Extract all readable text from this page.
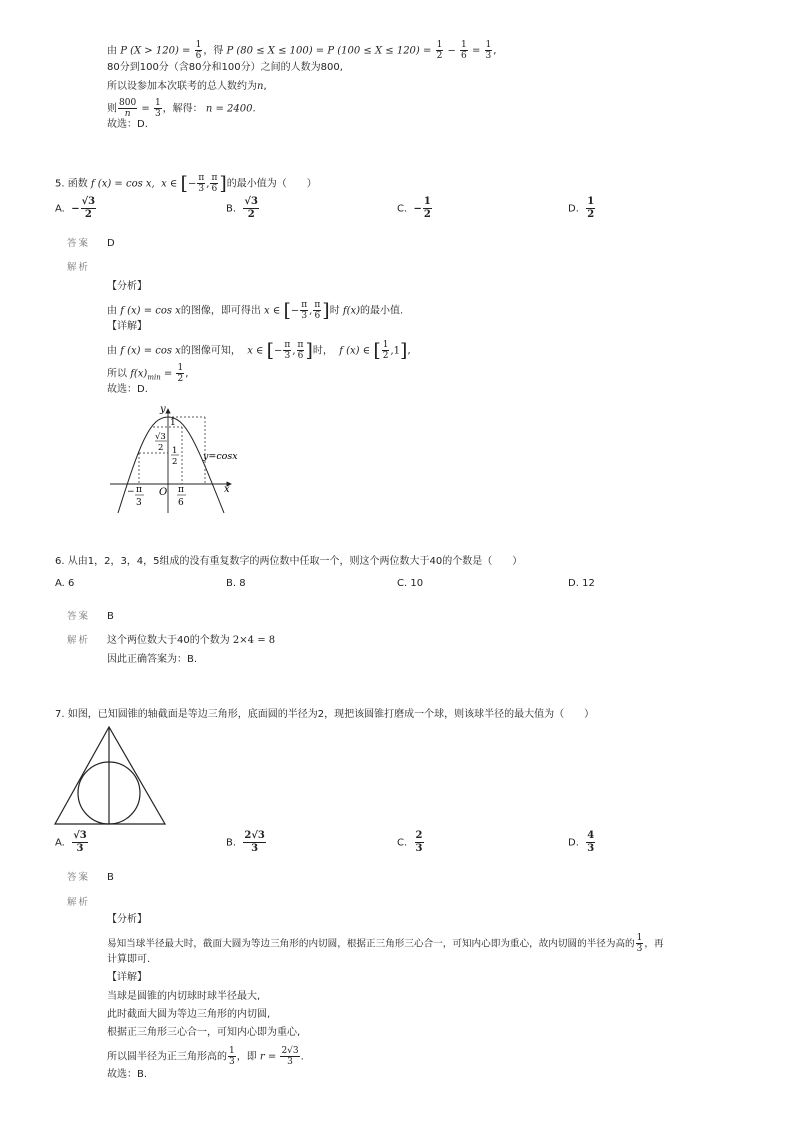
由 P $(X > 120) = \frac{1}{6}$ ，得 P (80 ≤ X ≤ 100) = P $(100 \le X \le 120) = \frac{1}{2} - \frac{1}{6} = \frac{1}{3}$ ,
80分到100分（含80分和100分）之间的人数为800,
所以设参加本次联考的总人数约为n,
则 $\frac{800}{n} = \frac{1}{3}$ ，解得： n = 2400.
故选：D.
5. 函数 f (x) = cos x, x ∈ [− $\frac{\pi}{3}$ , $\frac{\pi}{6}$ ]的最小值为（　　）
A. − $\frac{√3}{2}$	B. $\frac{√3}{2}$	C. − $\frac{1}{2}$	D. $\frac{1}{2}$
答案 D
解析
【分析】
由 f (x) = cos x的图像，即可得出 x ∈ [− $\frac{\pi}{3}$ , $\frac{\pi}{6}$ ]时 f(x)的最小值.
【详解】
由 f (x) = cos x的图像可知， x ∈ [− $\frac{\pi}{3}$ , $\frac{\pi}{6}$ ]时， f (x) ∈ [ $\frac{1}{2} ,1$],
所以 $f(x)_{min} = \frac{1}{2}$ ,
故选：D.
y
x
O
1
√3
2 1
2	y=cosx
− π
3
π
6
6. 从由1，2，3，4，5组成的没有重复数字的两位数中任取一个，则这个两位数大于40的个数是（　　）
A. 6	B. 8	C. 10	D. 12
答案 B
解析 这个两位数大于40的个数为 2×4 = 8
因此正确答案为：B.
7. 如图，已知圆锥的轴截面是等边三角形，底面圆的半径为2，现把该圆锥打磨成一个球，则该球半径的最大值为（　　）
A. $\frac{√3}{3}$	B. $\frac{2√3}{3}$	C. $\frac{2}{3}$	D. $\frac{4}{3}$
答案 B
解析
【分析】
易知当球半径最大时，截面大圆为等边三角形的内切圆，根据正三角形三心合一，可知内心即为重心，故内切圆的半径为高的 $\frac{1}{3}$ ，再
计算即可.
【详解】
当球是圆锥的内切球时球半径最大,
此时截面大圆为等边三角形的内切圆,
根据正三角形三心合一，可知内心即为重心,
所以圆半径为正三角形高的 $\frac{1}{3}$ ，即 $r = \frac{2√3}{3}$ .
故选：B.
